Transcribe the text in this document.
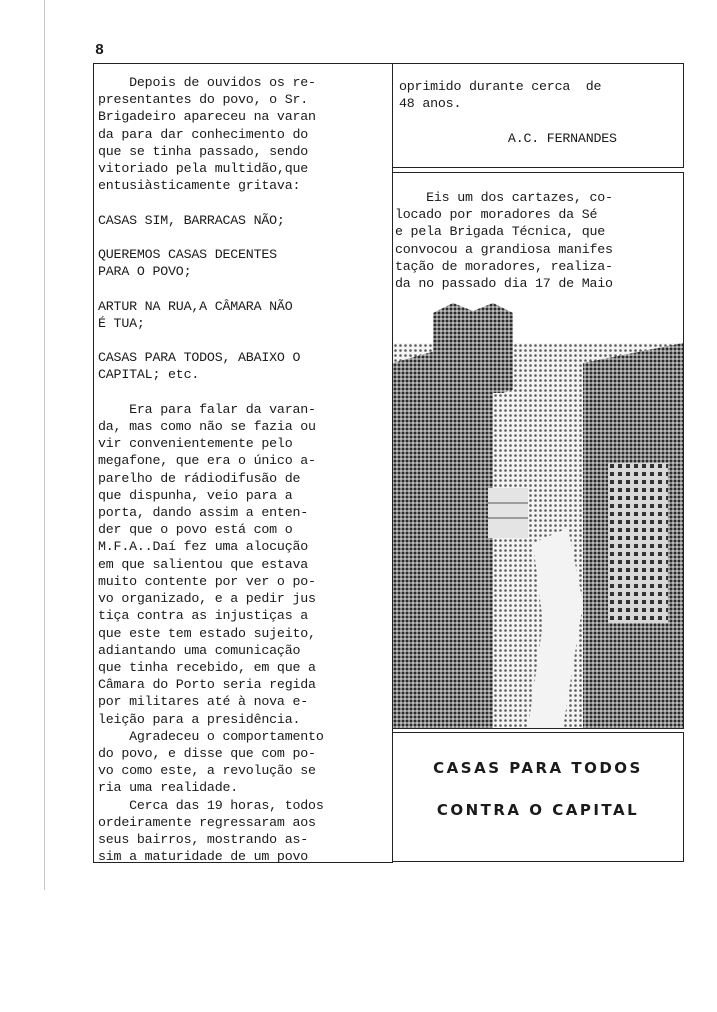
8
Depois de ouvidos os re-
presentantes do povo, o Sr.
Brigadeiro apareceu na varan
da para dar conhecimento do
que se tinha passado, sendo
vitoriado pela multidão,que
entusiàsticamente gritava:

CASAS SIM, BARRACAS NÃO;

QUEREMOS CASAS DECENTES
PARA O POVO;

ARTUR NA RUA,A CÂMARA NÃO
É TUA;

CASAS PARA TODOS, ABAIXO O
CAPITAL; etc.

Era para falar da varan-
da, mas como não se fazia ou
vir convenientemente pelo
megafone, que era o único a-
parelho de rádiodifusão de
que dispunha, veio para a
porta, dando assim a enten-
der que o povo está com o
M.F.A..Daí fez uma alocução
em que salientou que estava
muito contente por ver o po-
vo organizado, e a pedir jus
tiça contra as injustiças a
que este tem estado sujeito,
adiantando uma comunicação
que tinha recebido, em que a
Câmara do Porto seria regida
por militares até à nova e-
leição para a presidência.
Agradeceu o comportamento
do povo, e disse que com po-
vo como este, a revolução se
ria uma realidade.
Cerca das 19 horas, todos
ordeiramente regressaram aos
seus bairros, mostrando as-
sim a maturidade de um povo
oprimido durante cerca  de
48 anos.

A.C. FERNANDES
Eis um dos cartazes, co-
locado por moradores da Sé
e pela Brigada Técnica, que
convocou a grandiosa manifes
tação de moradores, realiza-
da no passado dia 17 de Maio
CASAS PARA TODOS
CONTRA O CAPITAL
